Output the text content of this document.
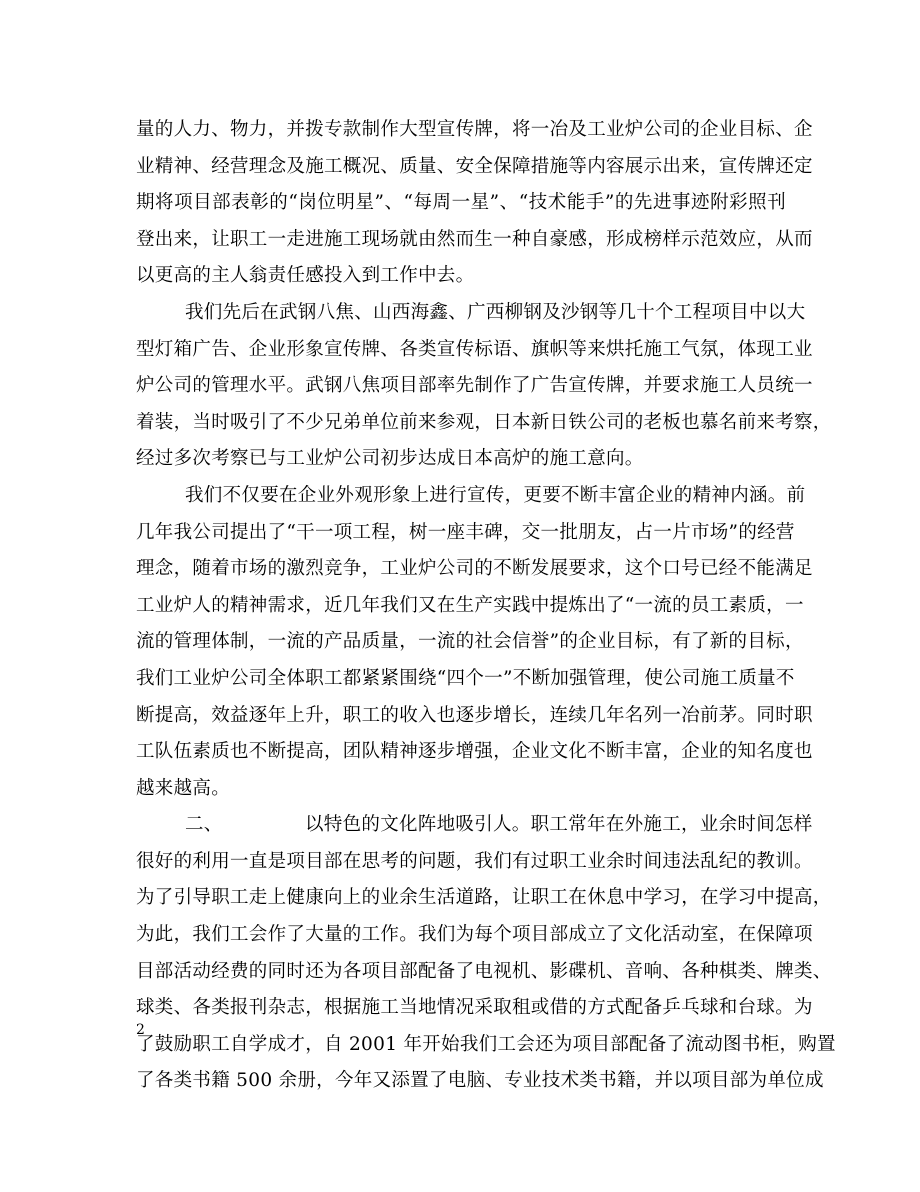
量的人力、物力，并拨专款制作大型宣传牌，将一冶及工业炉公司的企业目标、企
业精神、经营理念及施工概况、质量、安全保障措施等内容展示出来，宣传牌还定
期将项目部表彰的“岗位明星”、“每周一星”、“技术能手”的先进事迹附彩照刊
登出来，让职工一走进施工现场就由然而生一种自豪感，形成榜样示范效应，从而
以更高的主人翁责任感投入到工作中去。
我们先后在武钢八焦、山西海鑫、广西柳钢及沙钢等几十个工程项目中以大
型灯箱广告、企业形象宣传牌、各类宣传标语、旗帜等来烘托施工气氛，体现工业
炉公司的管理水平。武钢八焦项目部率先制作了广告宣传牌，并要求施工人员统一
着装，当时吸引了不少兄弟单位前来参观，日本新日铁公司的老板也慕名前来考察，
经过多次考察已与工业炉公司初步达成日本高炉的施工意向。
我们不仅要在企业外观形象上进行宣传，更要不断丰富企业的精神内涵。前
几年我公司提出了“干一项工程，树一座丰碑，交一批朋友，占一片市场”的经营
理念，随着市场的激烈竞争，工业炉公司的不断发展要求，这个口号已经不能满足
工业炉人的精神需求，近几年我们又在生产实践中提炼出了“一流的员工素质，一
流的管理体制，一流的产品质量，一流的社会信誉”的企业目标，有了新的目标，
我们工业炉公司全体职工都紧紧围绕“四个一”不断加强管理，使公司施工质量不
断提高，效益逐年上升，职工的收入也逐步增长，连续几年名列一冶前茅。同时职
工队伍素质也不断提高，团队精神逐步增强，企业文化不断丰富，企业的知名度也
越来越高。
二、	以特色的文化阵地吸引人。职工常年在外施工，业余时间怎样
很好的利用一直是项目部在思考的问题，我们有过职工业余时间违法乱纪的教训。
为了引导职工走上健康向上的业余生活道路，让职工在休息中学习，在学习中提高，
为此，我们工会作了大量的工作。我们为每个项目部成立了文化活动室，在保障项
目部活动经费的同时还为各项目部配备了电视机、影碟机、音响、各种棋类、牌类、
球类、各类报刊杂志，根据施工当地情况采取租或借的方式配备乒乓球和台球。为
了鼓励职工自学成才，自 2001 年开始我们工会还为项目部配备了流动图书柜，购置
了各类书籍 500 余册，今年又添置了电脑、专业技术类书籍，并以项目部为单位成
2
